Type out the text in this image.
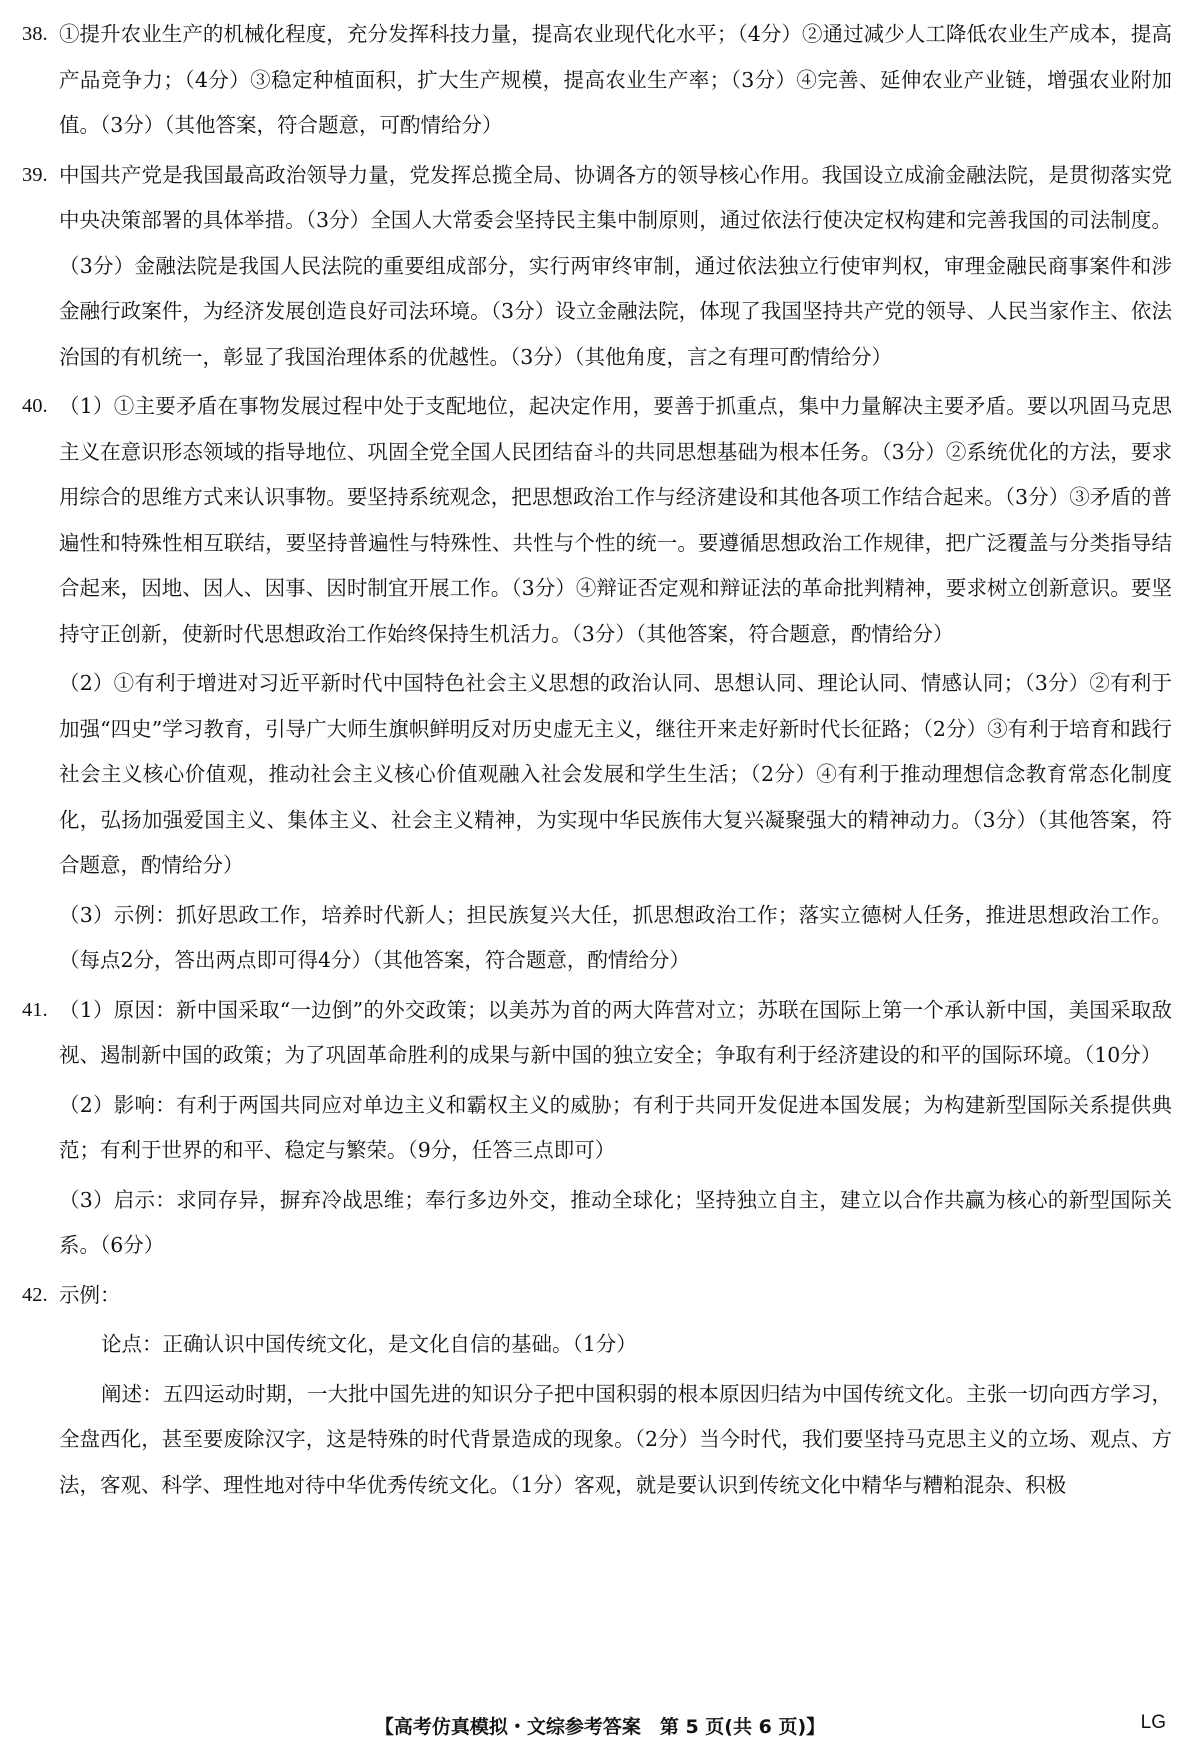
38. ①提升农业生产的机械化程度，充分发挥科技力量，提高农业现代化水平；（4分）②通过减少人工降低农业生产成本，提高产品竞争力；（4分）③稳定种植面积，扩大生产规模，提高农业生产率；（3分）④完善、延伸农业产业链，增强农业附加值。（3分）（其他答案，符合题意，可酌情给分）
39. 中国共产党是我国最高政治领导力量，党发挥总揽全局、协调各方的领导核心作用。我国设立成渝金融法院，是贯彻落实党中央决策部署的具体举措。（3分）全国人大常委会坚持民主集中制原则，通过依法行使决定权构建和完善我国的司法制度。（3分）金融法院是我国人民法院的重要组成部分，实行两审终审制，通过依法独立行使审判权，审理金融民商事案件和涉金融行政案件，为经济发展创造良好司法环境。（3分）设立金融法院，体现了我国坚持共产党的领导、人民当家作主、依法治国的有机统一，彰显了我国治理体系的优越性。（3分）（其他角度，言之有理可酌情给分）
40. （1）①主要矛盾在事物发展过程中处于支配地位，起决定作用，要善于抓重点，集中力量解决主要矛盾。要以巩固马克思主义在意识形态领域的指导地位、巩固全党全国人民团结奋斗的共同思想基础为根本任务。（3分）②系统优化的方法，要求用综合的思维方式来认识事物。要坚持系统观念，把思想政治工作与经济建设和其他各项工作结合起来。（3分）③矛盾的普遍性和特殊性相互联结，要坚持普遍性与特殊性、共性与个性的统一。要遵循思想政治工作规律，把广泛覆盖与分类指导结合起来，因地、因人、因事、因时制宜开展工作。（3分）④辩证否定观和辩证法的革命批判精神，要求树立创新意识。要坚持守正创新，使新时代思想政治工作始终保持生机活力。（3分）（其他答案，符合题意，酌情给分）
（2）①有利于增进对习近平新时代中国特色社会主义思想的政治认同、思想认同、理论认同、情感认同；（3分）②有利于加强“四史”学习教育，引导广大师生旗帜鲜明反对历史虚无主义，继往开来走好新时代长征路；（2分）③有利于培育和践行社会主义核心价值观，推动社会主义核心价值观融入社会发展和学生生活；（2分）④有利于推动理想信念教育常态化制度化，弘扬加强爱国主义、集体主义、社会主义精神，为实现中华民族伟大复兴凝聚强大的精神动力。（3分）（其他答案，符合题意，酌情给分）
（3）示例：抓好思政工作，培养时代新人；担民族复兴大任，抓思想政治工作；落实立德树人任务，推进思想政治工作。（每点2分，答出两点即可得4分）（其他答案，符合题意，酌情给分）
41. （1）原因：新中国采取“一边倒”的外交政策；以美苏为首的两大阵营对立；苏联在国际上第一个承认新中国，美国采取敌视、遏制新中国的政策；为了巩固革命胜利的成果与新中国的独立安全；争取有利于经济建设的和平的国际环境。（10分）
（2）影响：有利于两国共同应对单边主义和霸权主义的威胁；有利于共同开发促进本国发展；为构建新型国际关系提供典范；有利于世界的和平、稳定与繁荣。（9分，任答三点即可）
（3）启示：求同存异，摒弃冷战思维；奉行多边外交，推动全球化；坚持独立自主，建立以合作共赢为核心的新型国际关系。（6分）
42. 示例：
论点：正确认识中国传统文化，是文化自信的基础。（1分）
阐述：五四运动时期，一大批中国先进的知识分子把中国积弱的根本原因归结为中国传统文化。主张一切向西方学习，全盘西化，甚至要废除汉字，这是特殊的时代背景造成的现象。（2分）当今时代，我们要坚持马克思主义的立场、观点、方法，客观、科学、理性地对待中华优秀传统文化。（1分）客观，就是要认识到传统文化中精华与糟粕混杂、积极
【高考仿真模拟・文综参考答案　第 5 页(共 6 页)】	LG
